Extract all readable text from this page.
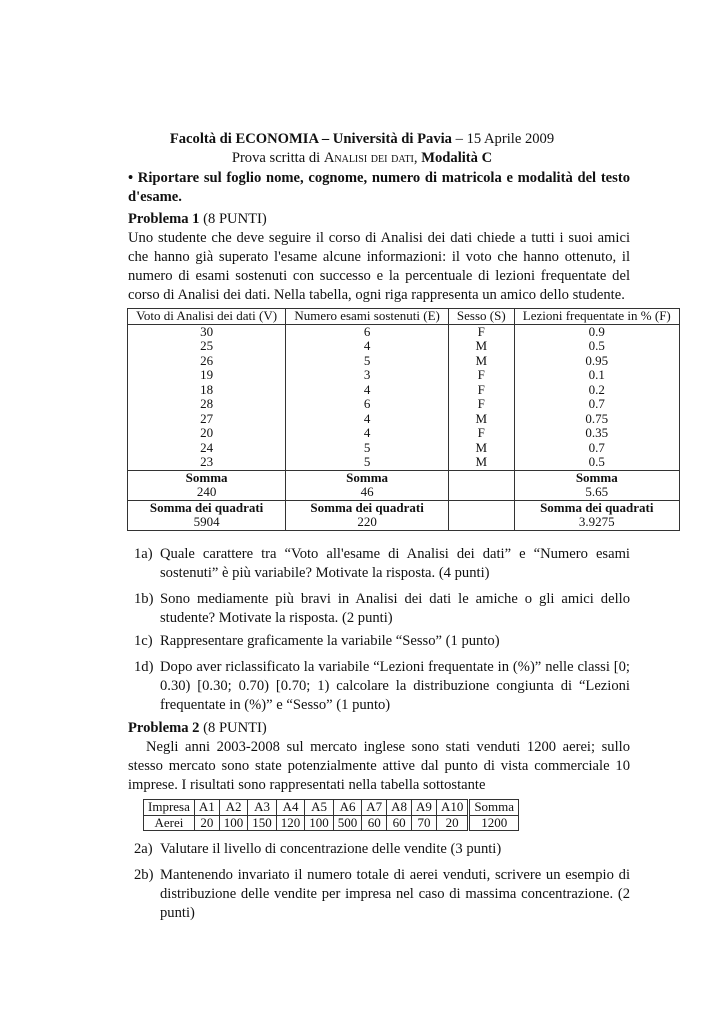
Facoltà di ECONOMIA – Università di Pavia – 15 Aprile 2009
Prova scritta di Analisi dei dati, Modalità C
• Riportare sul foglio nome, cognome, numero di matricola e modalità del testo d'esame.
Problema 1 (8 PUNTI)
Uno studente che deve seguire il corso di Analisi dei dati chiede a tutti i suoi amici che hanno già superato l'esame alcune informazioni: il voto che hanno ottenuto, il numero di esami sostenuti con successo e la percentuale di lezioni frequentate del corso di Analisi dei dati. Nella tabella, ogni riga rappresenta un amico dello studente.
Voto di Analisi dei dati (V)	Numero esami sostenuti (E)	Sesso (S)	Lezioni frequentate in % (F)
30	6	F	0.9
25	4	M	0.5
26	5	M	0.95
19	3	F	0.1
18	4	F	0.2
28	6	F	0.7
27	4	M	0.75
20	4	F	0.35
24	5	M	0.7
23	5	M	0.5
Somma	Somma		Somma
240	46		5.65
Somma dei quadrati	Somma dei quadrati		Somma dei quadrati
5904	220		3.9275
1a) Quale carattere tra “Voto all'esame di Analisi dei dati” e “Numero esami sostenuti” è più variabile? Motivate la risposta. (4 punti)
1b) Sono mediamente più bravi in Analisi dei dati le amiche o gli amici dello studente? Motivate la risposta. (2 punti)
1c) Rappresentare graficamente la variabile “Sesso” (1 punto)
1d) Dopo aver riclassificato la variabile “Lezioni frequentate in (%)” nelle classi [0; 0.30) [0.30; 0.70) [0.70; 1) calcolare la distribuzione congiunta di “Lezioni frequentate in (%)” e “Sesso” (1 punto)
Problema 2 (8 PUNTI)
Negli anni 2003-2008 sul mercato inglese sono stati venduti 1200 aerei; sullo stesso mercato sono state potenzialmente attive dal punto di vista commerciale 10 imprese. I risultati sono rappresentati nella tabella sottostante
Impresa	A1	A2	A3	A4	A5	A6	A7	A8	A9	A10	Somma
Aerei	20	100	150	120	100	500	60	60	70	20	1200
2a) Valutare il livello di concentrazione delle vendite (3 punti)
2b) Mantenendo invariato il numero totale di aerei venduti, scrivere un esempio di distribuzione delle vendite per impresa nel caso di massima concentrazione. (2 punti)
